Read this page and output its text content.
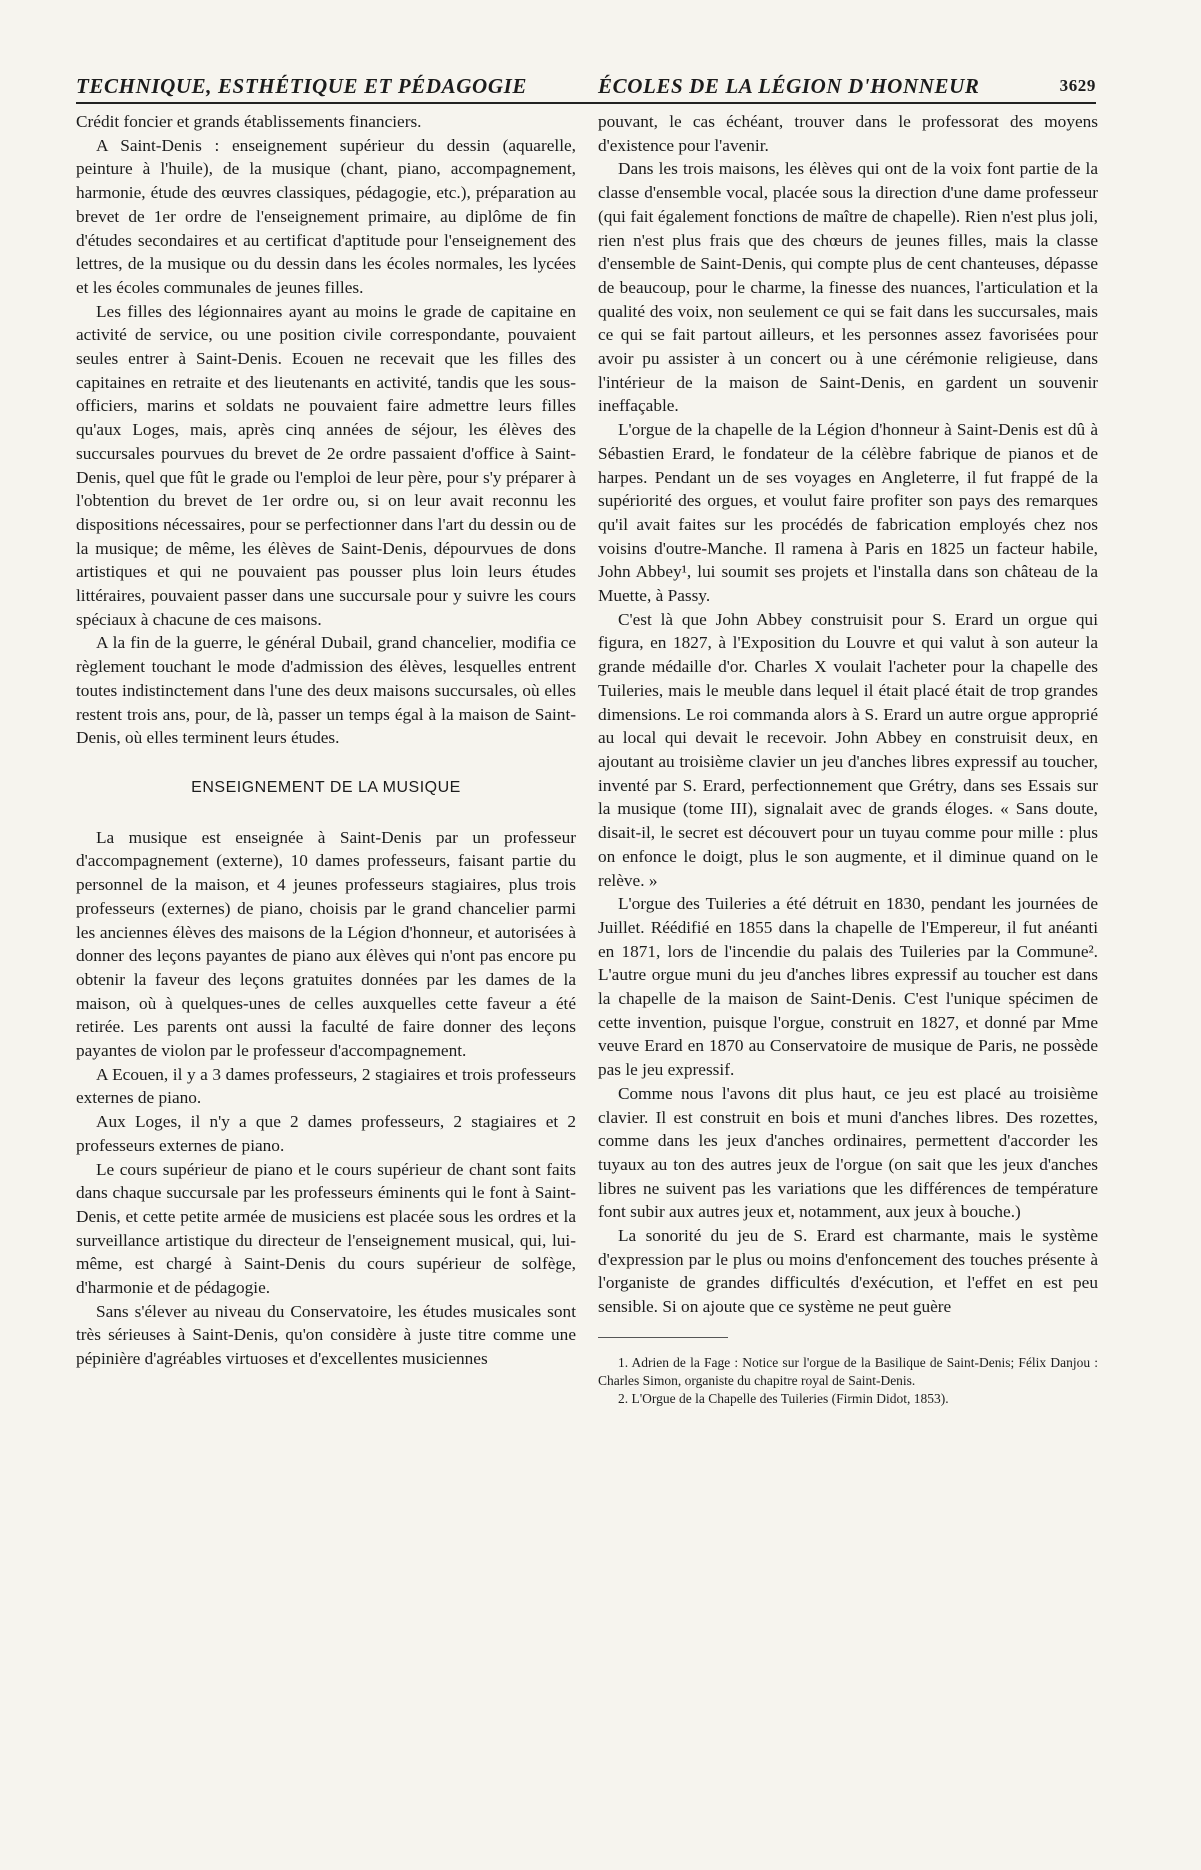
TECHNIQUE, ESTHÉTIQUE ET PÉDAGOGIE	ÉCOLES DE LA LÉGION D'HONNEUR	3629

Crédit foncier et grands établissements financiers.

A Saint-Denis : enseignement supérieur du dessin (aquarelle, peinture à l'huile), de la musique (chant, piano, accompagnement, harmonie, étude des œuvres classiques, pédagogie, etc.), préparation au brevet de 1er ordre de l'enseignement primaire, au diplôme de fin d'études secondaires et au certificat d'aptitude pour l'enseignement des lettres, de la musique ou du dessin dans les écoles normales, les lycées et les écoles communales de jeunes filles.

Les filles des légionnaires ayant au moins le grade de capitaine en activité de service, ou une position civile correspondante, pouvaient seules entrer à Saint-Denis. Ecouen ne recevait que les filles des capitaines en retraite et des lieutenants en activité, tandis que les sous-officiers, marins et soldats ne pouvaient faire admettre leurs filles qu'aux Loges, mais, après cinq années de séjour, les élèves des succursales pourvues du brevet de 2e ordre passaient d'office à Saint-Denis, quel que fût le grade ou l'emploi de leur père, pour s'y préparer à l'obtention du brevet de 1er ordre ou, si on leur avait reconnu les dispositions nécessaires, pour se perfectionner dans l'art du dessin ou de la musique; de même, les élèves de Saint-Denis, dépourvues de dons artistiques et qui ne pouvaient pas pousser plus loin leurs études littéraires, pouvaient passer dans une succursale pour y suivre les cours spéciaux à chacune de ces maisons.

A la fin de la guerre, le général Dubail, grand chancelier, modifia ce règlement touchant le mode d'admission des élèves, lesquelles entrent toutes indistinctement dans l'une des deux maisons succursales, où elles restent trois ans, pour, de là, passer un temps égal à la maison de Saint-Denis, où elles terminent leurs études.

ENSEIGNEMENT DE LA MUSIQUE

La musique est enseignée à Saint-Denis par un professeur d'accompagnement (externe), 10 dames professeurs, faisant partie du personnel de la maison, et 4 jeunes professeurs stagiaires, plus trois professeurs (externes) de piano, choisis par le grand chancelier parmi les anciennes élèves des maisons de la Légion d'honneur, et autorisées à donner des leçons payantes de piano aux élèves qui n'ont pas encore pu obtenir la faveur des leçons gratuites données par les dames de la maison, où à quelques-unes de celles auxquelles cette faveur a été retirée. Les parents ont aussi la faculté de faire donner des leçons payantes de violon par le professeur d'accompagnement.

A Ecouen, il y a 3 dames professeurs, 2 stagiaires et trois professeurs externes de piano.

Aux Loges, il n'y a que 2 dames professeurs, 2 stagiaires et 2 professeurs externes de piano.

Le cours supérieur de piano et le cours supérieur de chant sont faits dans chaque succursale par les professeurs éminents qui le font à Saint-Denis, et cette petite armée de musiciens est placée sous les ordres et la surveillance artistique du directeur de l'enseignement musical, qui, lui-même, est chargé à Saint-Denis du cours supérieur de solfège, d'harmonie et de pédagogie.

Sans s'élever au niveau du Conservatoire, les études musicales sont très sérieuses à Saint-Denis, qu'on considère à juste titre comme une pépinière d'agréables virtuoses et d'excellentes musiciennes

pouvant, le cas échéant, trouver dans le professorat des moyens d'existence pour l'avenir.

Dans les trois maisons, les élèves qui ont de la voix font partie de la classe d'ensemble vocal, placée sous la direction d'une dame professeur (qui fait également fonctions de maître de chapelle). Rien n'est plus joli, rien n'est plus frais que des chœurs de jeunes filles, mais la classe d'ensemble de Saint-Denis, qui compte plus de cent chanteuses, dépasse de beaucoup, pour le charme, la finesse des nuances, l'articulation et la qualité des voix, non seulement ce qui se fait dans les succursales, mais ce qui se fait partout ailleurs, et les personnes assez favorisées pour avoir pu assister à un concert ou à une cérémonie religieuse, dans l'intérieur de la maison de Saint-Denis, en gardent un souvenir ineffaçable.

L'orgue de la chapelle de la Légion d'honneur à Saint-Denis est dû à Sébastien Erard, le fondateur de la célèbre fabrique de pianos et de harpes. Pendant un de ses voyages en Angleterre, il fut frappé de la supériorité des orgues, et voulut faire profiter son pays des remarques qu'il avait faites sur les procédés de fabrication employés chez nos voisins d'outre-Manche. Il ramena à Paris en 1825 un facteur habile, John Abbey¹, lui soumit ses projets et l'installa dans son château de la Muette, à Passy.

C'est là que John Abbey construisit pour S. Erard un orgue qui figura, en 1827, à l'Exposition du Louvre et qui valut à son auteur la grande médaille d'or. Charles X voulait l'acheter pour la chapelle des Tuileries, mais le meuble dans lequel il était placé était de trop grandes dimensions. Le roi commanda alors à S. Erard un autre orgue approprié au local qui devait le recevoir. John Abbey en construisit deux, en ajoutant au troisième clavier un jeu d'anches libres expressif au toucher, inventé par S. Erard, perfectionnement que Grétry, dans ses Essais sur la musique (tome III), signalait avec de grands éloges. « Sans doute, disait-il, le secret est découvert pour un tuyau comme pour mille : plus on enfonce le doigt, plus le son augmente, et il diminue quand on le relève. »

L'orgue des Tuileries a été détruit en 1830, pendant les journées de Juillet. Réédifié en 1855 dans la chapelle de l'Empereur, il fut anéanti en 1871, lors de l'incendie du palais des Tuileries par la Commune². L'autre orgue muni du jeu d'anches libres expressif au toucher est dans la chapelle de la maison de Saint-Denis. C'est l'unique spécimen de cette invention, puisque l'orgue, construit en 1827, et donné par Mme veuve Erard en 1870 au Conservatoire de musique de Paris, ne possède pas le jeu expressif.

Comme nous l'avons dit plus haut, ce jeu est placé au troisième clavier. Il est construit en bois et muni d'anches libres. Des rozettes, comme dans les jeux d'anches ordinaires, permettent d'accorder les tuyaux au ton des autres jeux de l'orgue (on sait que les jeux d'anches libres ne suivent pas les variations que les différences de température font subir aux autres jeux et, notamment, aux jeux à bouche.)

La sonorité du jeu de S. Erard est charmante, mais le système d'expression par le plus ou moins d'enfoncement des touches présente à l'organiste de grandes difficultés d'exécution, et l'effet en est peu sensible. Si on ajoute que ce système ne peut guère

1. Adrien de la Fage : Notice sur l'orgue de la Basilique de Saint-Denis; Félix Danjou : Charles Simon, organiste du chapitre royal de Saint-Denis.

2. L'Orgue de la Chapelle des Tuileries (Firmin Didot, 1853).
